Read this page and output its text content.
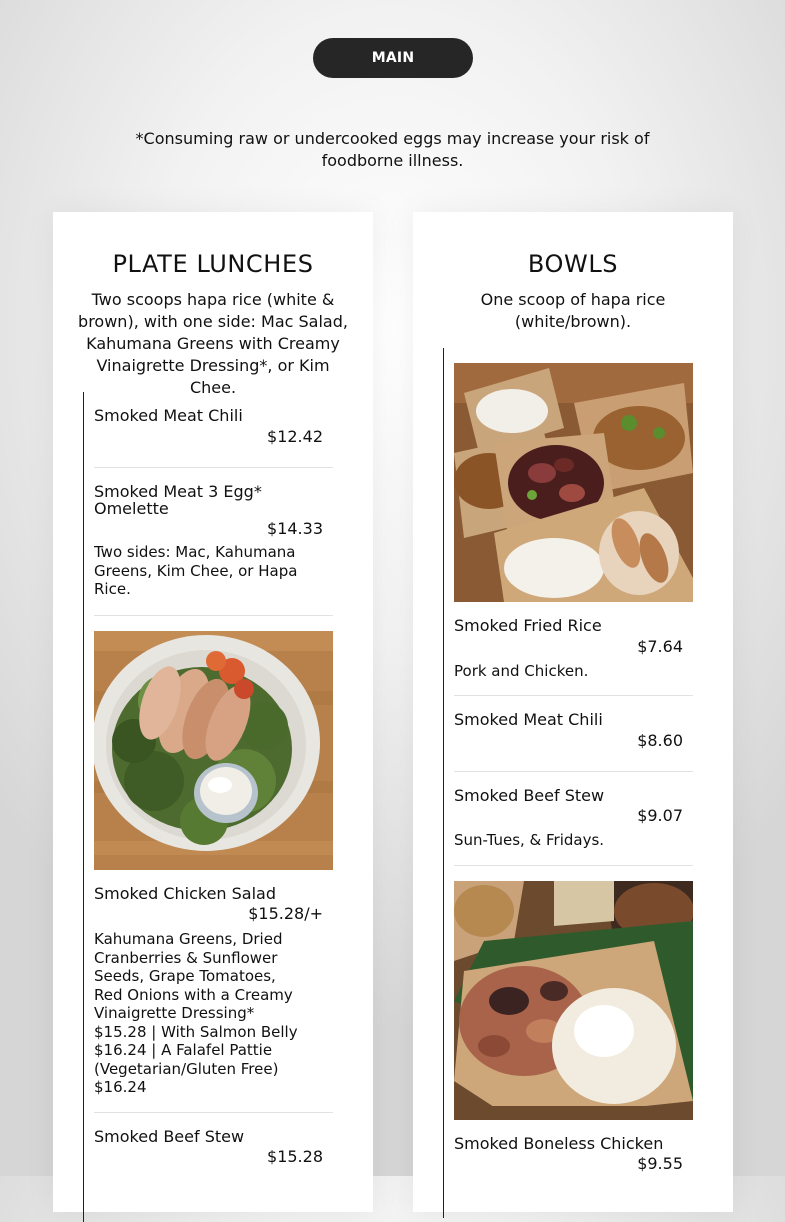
MAIN
*Consuming raw or undercooked eggs may increase your risk of foodborne illness.
PLATE LUNCHES
Two scoops hapa rice (white & brown), with one side: Mac Salad, Kahumana Greens with Creamy Vinaigrette Dressing*, or Kim Chee.
Smoked Meat Chili
$12.42
Smoked Meat 3 Egg* Omelette
$14.33
Two sides: Mac, Kahumana Greens, Kim Chee, or Hapa Rice.
Smoked Chicken Salad
$15.28/+
Kahumana Greens, Dried Cranberries & Sunflower Seeds, Grape Tomatoes, Red Onions with a Creamy Vinaigrette Dressing* $15.28 | With Salmon Belly $16.24 | A Falafel Pattie (Vegetarian/Gluten Free) $16.24
Smoked Beef Stew
$15.28
BOWLS
One scoop of hapa rice (white/brown).
Smoked Fried Rice
$7.64
Pork and Chicken.
Smoked Meat Chili
$8.60
Smoked Beef Stew
$9.07
Sun-Tues, & Fridays.
Smoked Boneless Chicken
$9.55
